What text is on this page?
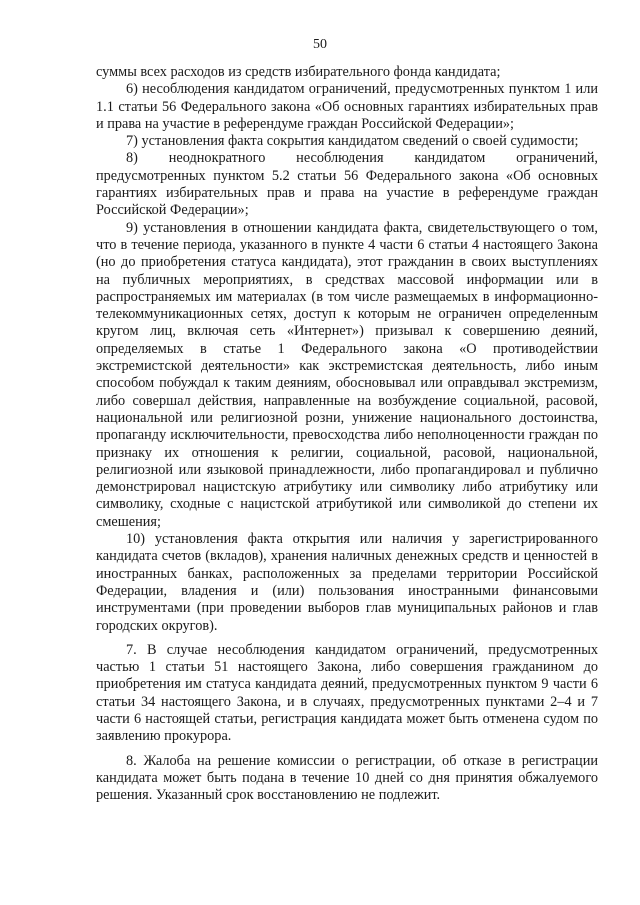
50

суммы всех расходов из средств избирательного фонда кандидата;

6) несоблюдения кандидатом ограничений, предусмотренных пунктом 1 или 1.1 статьи 56 Федерального закона «Об основных гарантиях избирательных прав и права на участие в референдуме граждан Российской Федерации»;

7) установления факта сокрытия кандидатом сведений о своей судимости;

8) неоднократного несоблюдения кандидатом ограничений, предусмотренных пунктом 5.2 статьи 56 Федерального закона «Об основных гарантиях избирательных прав и права на участие в референдуме граждан Российской Федерации»;

9) установления в отношении кандидата факта, свидетельствующего о том, что в течение периода, указанного в пункте 4 части 6 статьи 4 настоящего Закона (но до приобретения статуса кандидата), этот гражданин в своих выступлениях на публичных мероприятиях, в средствах массовой информации или в распространяемых им материалах (в том числе размещаемых в информационно-телекоммуникационных сетях, доступ к которым не ограничен определенным кругом лиц, включая сеть «Интернет») призывал к совершению деяний, определяемых в статье 1 Федерального закона «О противодействии экстремистской деятельности» как экстремистская деятельность, либо иным способом побуждал к таким деяниям, обосновывал или оправдывал экстремизм, либо совершал действия, направленные на возбуждение социальной, расовой, национальной или религиозной розни, унижение национального достоинства, пропаганду исключительности, превосходства либо неполноценности граждан по признаку их отношения к религии, социальной, расовой, национальной, религиозной или языковой принадлежности, либо пропагандировал и публично демонстрировал нацистскую атрибутику или символику либо атрибутику или символику, сходные с нацистской атрибутикой или символикой до степени их смешения;

10) установления факта открытия или наличия у зарегистрированного кандидата счетов (вкладов), хранения наличных денежных средств и ценностей в иностранных банках, расположенных за пределами территории Российской Федерации, владения и (или) пользования иностранными финансовыми инструментами (при проведении выборов глав муниципальных районов и глав городских округов).

7. В случае несоблюдения кандидатом ограничений, предусмотренных частью 1 статьи 51 настоящего Закона, либо совершения гражданином до приобретения им статуса кандидата деяний, предусмотренных пунктом 9 части 6 статьи 34 настоящего Закона, и в случаях, предусмотренных пунктами 2–4 и 7 части 6 настоящей статьи, регистрация кандидата может быть отменена судом по заявлению прокурора.

8. Жалоба на решение комиссии о регистрации, об отказе в регистрации кандидата может быть подана в течение 10 дней со дня принятия обжалуемого решения. Указанный срок восстановлению не подлежит.
